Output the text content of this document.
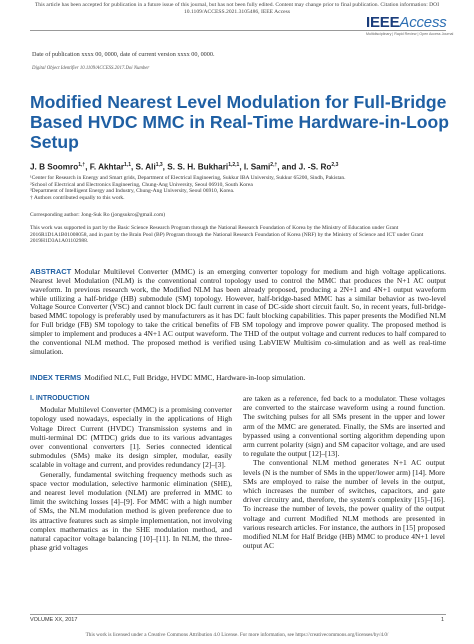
This article has been accepted for publication in a future issue of this journal, but has not been fully edited. Content may change prior to final publication. Citation information: DOI
10.1109/ACCESS.2021.3105486, IEEE Access
IEEEAccess
Multidisciplinary | Rapid Review | Open Access Journal
Date of publication xxxx 00, 0000, date of current version xxxx 00, 0000.
Digital Object Identifier 10.1109/ACCESS.2017.Doi Number
Modified Nearest Level Modulation for Full-Bridge Based HVDC MMC in Real-Time Hardware-in-Loop Setup
J. B Soomro$^{1,\dagger}$, F. Akhtar$^{1,1}$, S. Ali$^{1,3}$, S. S. H. Bukhari$^{1,2,1}$, I. Sami$^{2,\dagger}$, and J. -S. Ro$^{2,3}$
¹Center for Research in Energy and Smart grids, Department of Electrical Engineering, Sukkur IBA University, Sukkur 65200, Sindh, Pakistan.
²School of Electrical and Electronics Engineering, Chung-Ang University, Seoul 06910, South Korea
³Department of Intelligent Energy and Industry, Chung-Ang University, Seoul 06910, Korea.
† Authors contributed equally to this work.
Corresponding author: Jong-Suk Ro (jongsukro@gmail.com)
This work was supported in part by the Basic Science Research Program through the National Research Foundation of Korea by the Ministry of Education under Grant 2016R1D1A1B01008058, and in part by the Brain Pool (BP) Program through the National Research Foundation of Korea (NRF) by the Ministry of Science and ICT under Grant 2019H1D3A1A01102988.

ABSTRACT Modular Multilevel Converter (MMC) is an emerging converter topology for medium and high voltage applications. Nearest level Modulation (NLM) is the conventional control topology used to control the MMC that produces the N+1 AC output waveform. In previous research work, the Modified NLM has been already proposed, producing a 2N+1 and 4N+1 output waveform while utilizing a half-bridge (HB) submodule (SM) topology. However, half-bridge-based MMC has a similar behavior as two-level Voltage Source Converter (VSC) and cannot block DC fault current in case of DC-side short circuit fault. So, in recent years, full-bridge-based MMC topology is preferably used by manufacturers as it has DC fault blocking capabilities. This paper presents the Modified NLM for Full bridge (FB) SM topology to take the critical benefits of FB SM topology and improve power quality. The proposed method is simpler to implement and produces a 4N+1 AC output waveform. The THD of the output voltage and current reduces to half compared to the conventional NLM method. The proposed method is verified using LabVIEW Multisim co-simulation and as well as real-time simulation.

INDEX TERMS Modified NLC, Full Bridge, HVDC MMC, Hardware-in-loop simulation.
I. INTRODUCTION

Modular Multilevel Converter (MMC) is a promising converter topology used nowadays, especially in the applications of High Voltage Direct Current (HVDC) Transmission systems and in multi-terminal DC (MTDC) grids due to its various advantages over conventional converters [1]. Series connected identical submodules (SMs) make its design simpler, modular, easily scalable in voltage and current, and provides redundancy [2]–[3].

Generally, fundamental switching frequency methods such as space vector modulation, selective harmonic elimination (SHE), and nearest level modulation (NLM) are preferred in MMC to limit the switching losses [4]–[9]. For MMC with a high number of SMs, the NLM modulation method is given preference due to its attractive features such as simple implementation, not involving complex mathematics as in the SHE modulation method, and natural capacitor voltage balancing [10]–[11]. In NLM, the three-phase grid voltages

are taken as a reference, fed back to a modulator. These voltages are converted to the staircase waveform using a round function. The switching pulses for all SMs present in the upper and lower arm of the MMC are generated. Finally, the SMs are inserted and bypassed using a conventional sorting algorithm depending upon arm current polarity (sign) and SM capacitor voltage, and are used to regulate the output [12]–[13].

The conventional NLM method generates N+1 AC output levels (N is the number of SMs in the upper/lower arm) [14]. More SMs are employed to raise the number of levels in the output, which increases the number of switches, capacitors, and gate driver circuitry and, therefore, the system's complexity [15]–[16]. To increase the number of levels, the power quality of the output voltage and current Modified NLM methods are presented in various research articles. For instance, the authors in [15] proposed modified NLM for Half Bridge (HB) MMC to produce 4N+1 level output AC

VOLUME XX, 2017	1
This work is licensed under a Creative Commons Attribution 4.0 License. For more information, see https://creativecommons.org/licenses/by/4.0/
